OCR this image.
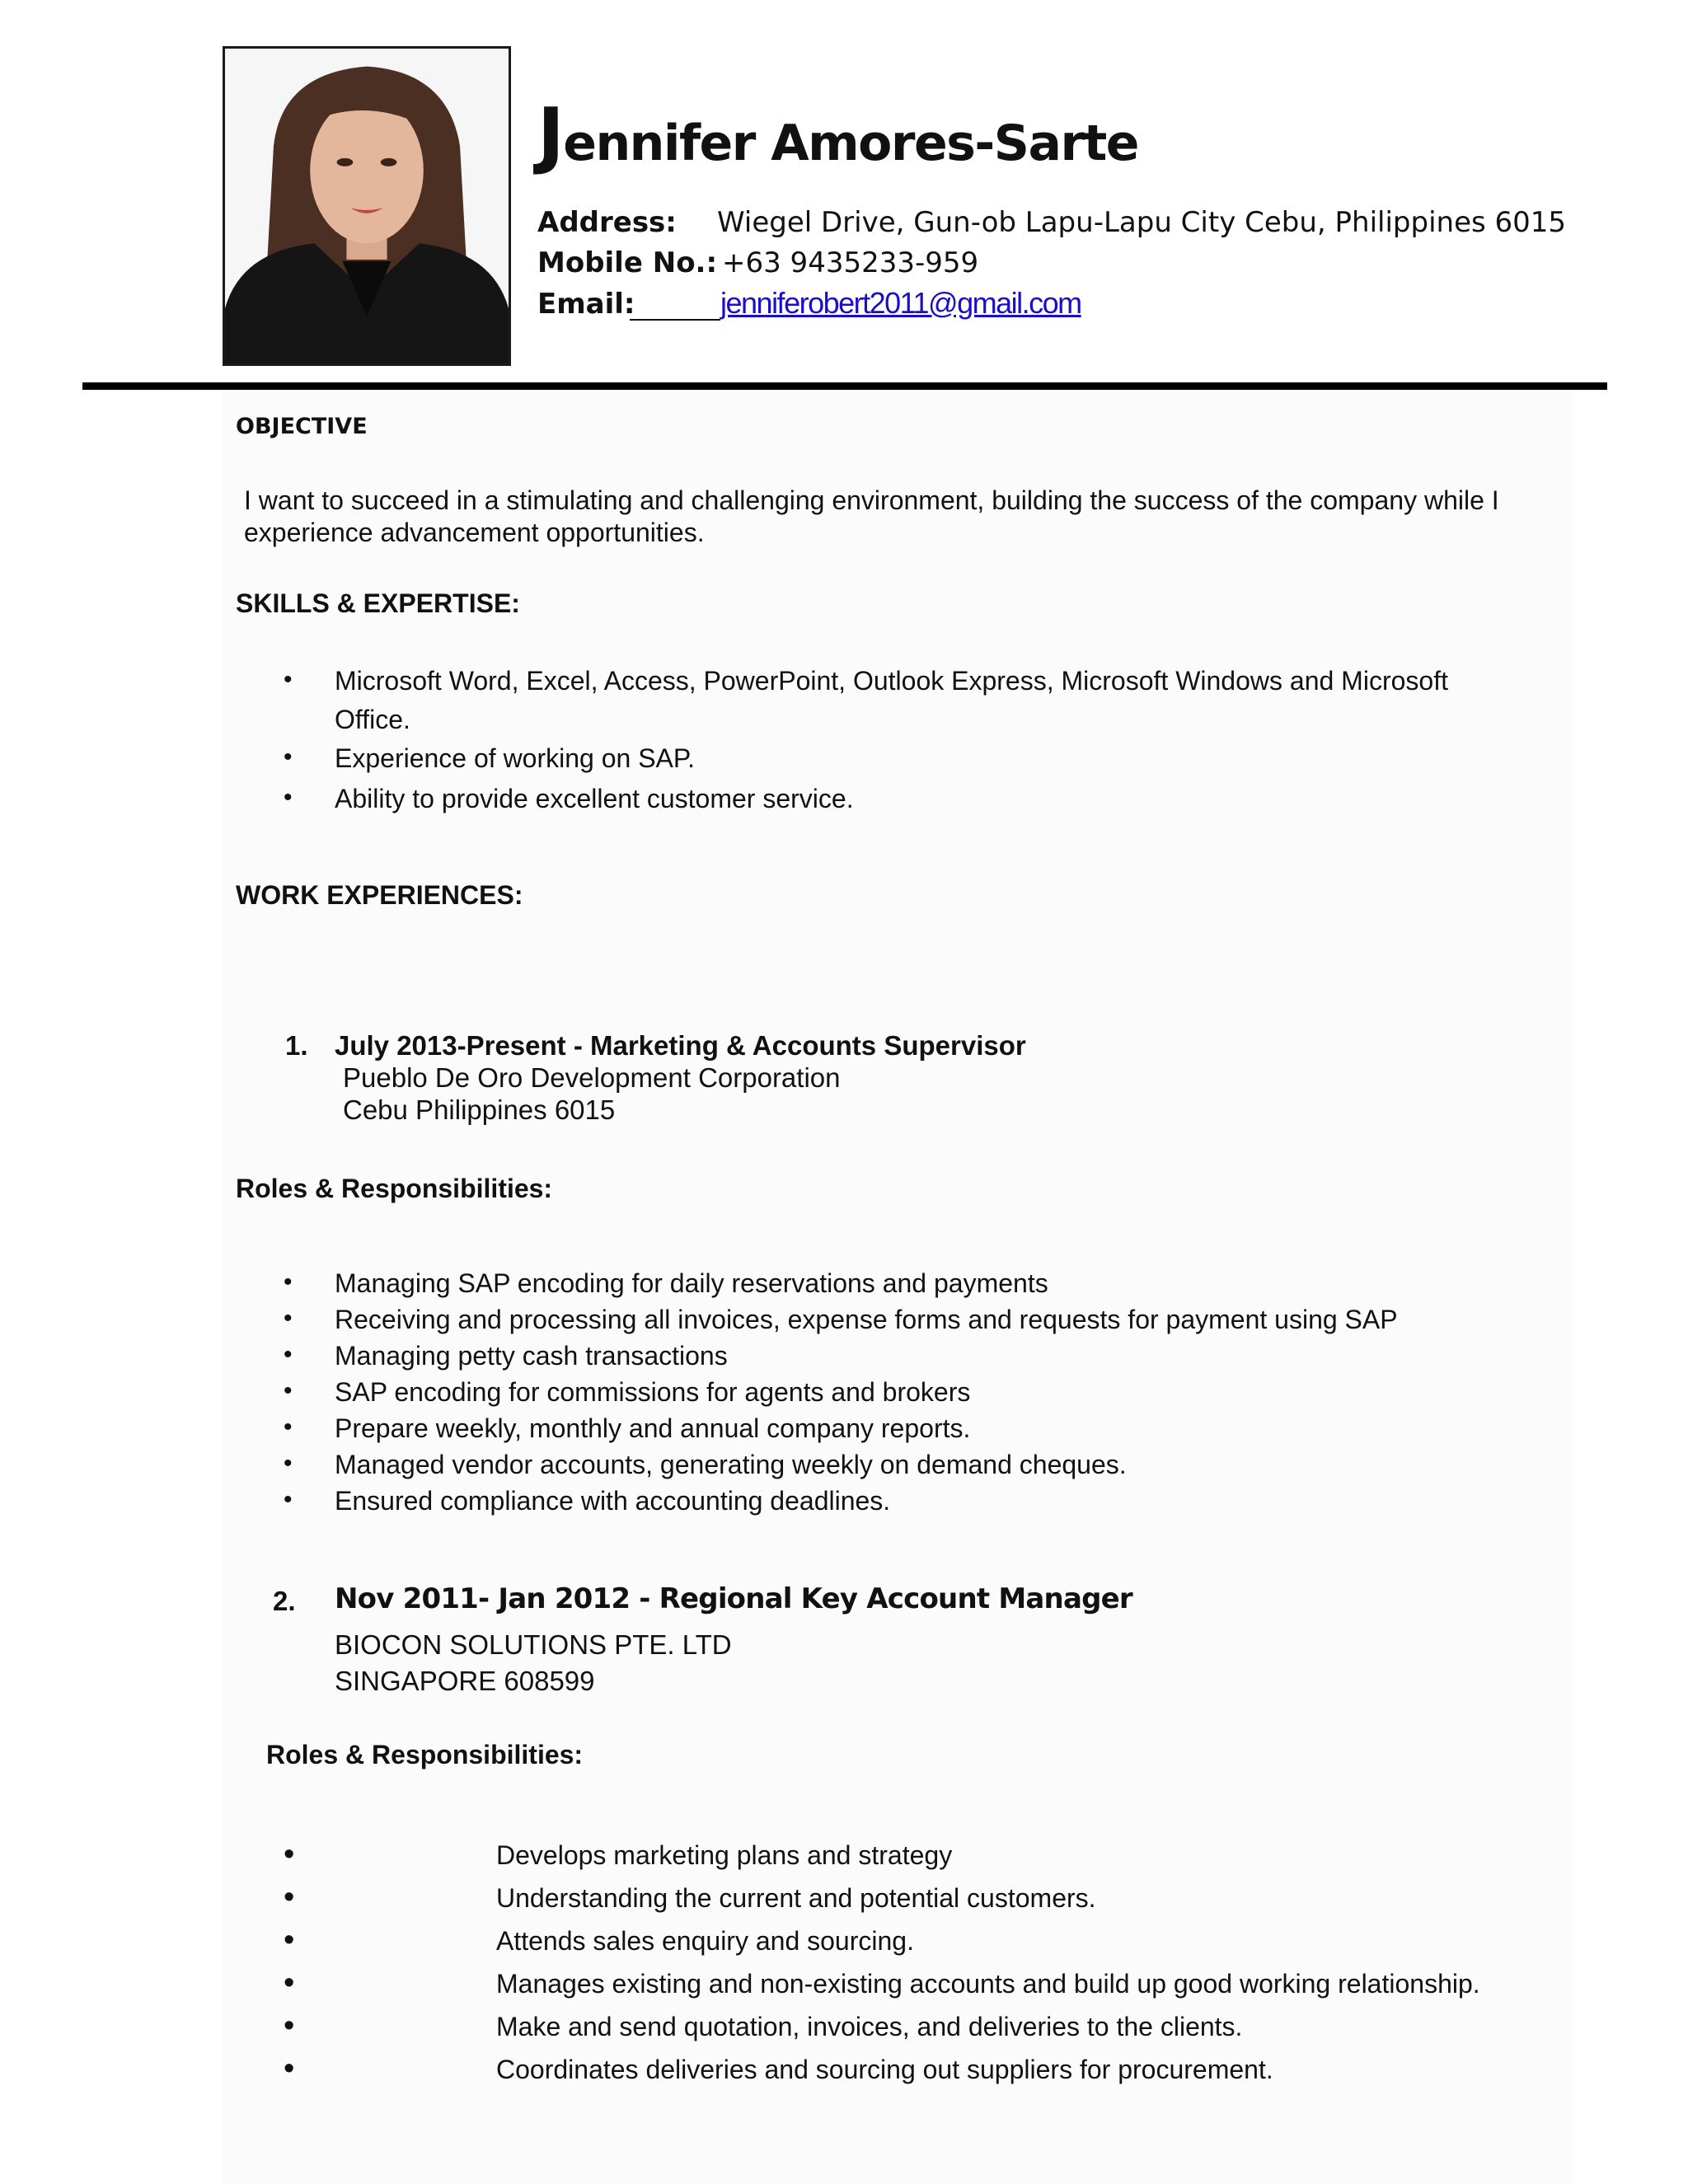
Jennifer Amores-Sarte
Address: Wiegel Drive, Gun-ob Lapu-Lapu City Cebu, Philippines 6015
Mobile No.: +63 9435233-959
Email:	jenniferobert2011@gmail.com
OBJECTIVE

I want to succeed in a stimulating and challenging environment, building the success of the company while I experience advancement opportunities.

SKILLS & EXPERTISE:
• Microsoft Word, Excel, Access, PowerPoint, Outlook Express, Microsoft Windows and Microsoft
Office.
• Experience of working on SAP.
• Ability to provide excellent customer service.
WORK EXPERIENCES:
1. July 2013-Present - Marketing & Accounts Supervisor
Pueblo De Oro Development Corporation
Cebu Philippines 6015
Roles & Responsibilities:
• Managing SAP encoding for daily reservations and payments
• Receiving and processing all invoices, expense forms and requests for payment using SAP
• Managing petty cash transactions
• SAP encoding for commissions for agents and brokers
• Prepare weekly, monthly and annual company reports.
• Managed vendor accounts, generating weekly on demand cheques.
• Ensured compliance with accounting deadlines.
2. Nov 2011- Jan 2012 - Regional Key Account Manager
BIOCON SOLUTIONS PTE. LTD
SINGAPORE 608599
Roles & Responsibilities:
•	Develops marketing plans and strategy
•	Understanding the current and potential customers.
•	Attends sales enquiry and sourcing.
•	Manages existing and non-existing accounts and build up good working relationship.
•	Make and send quotation, invoices, and deliveries to the clients.
•	Coordinates deliveries and sourcing out suppliers for procurement.
